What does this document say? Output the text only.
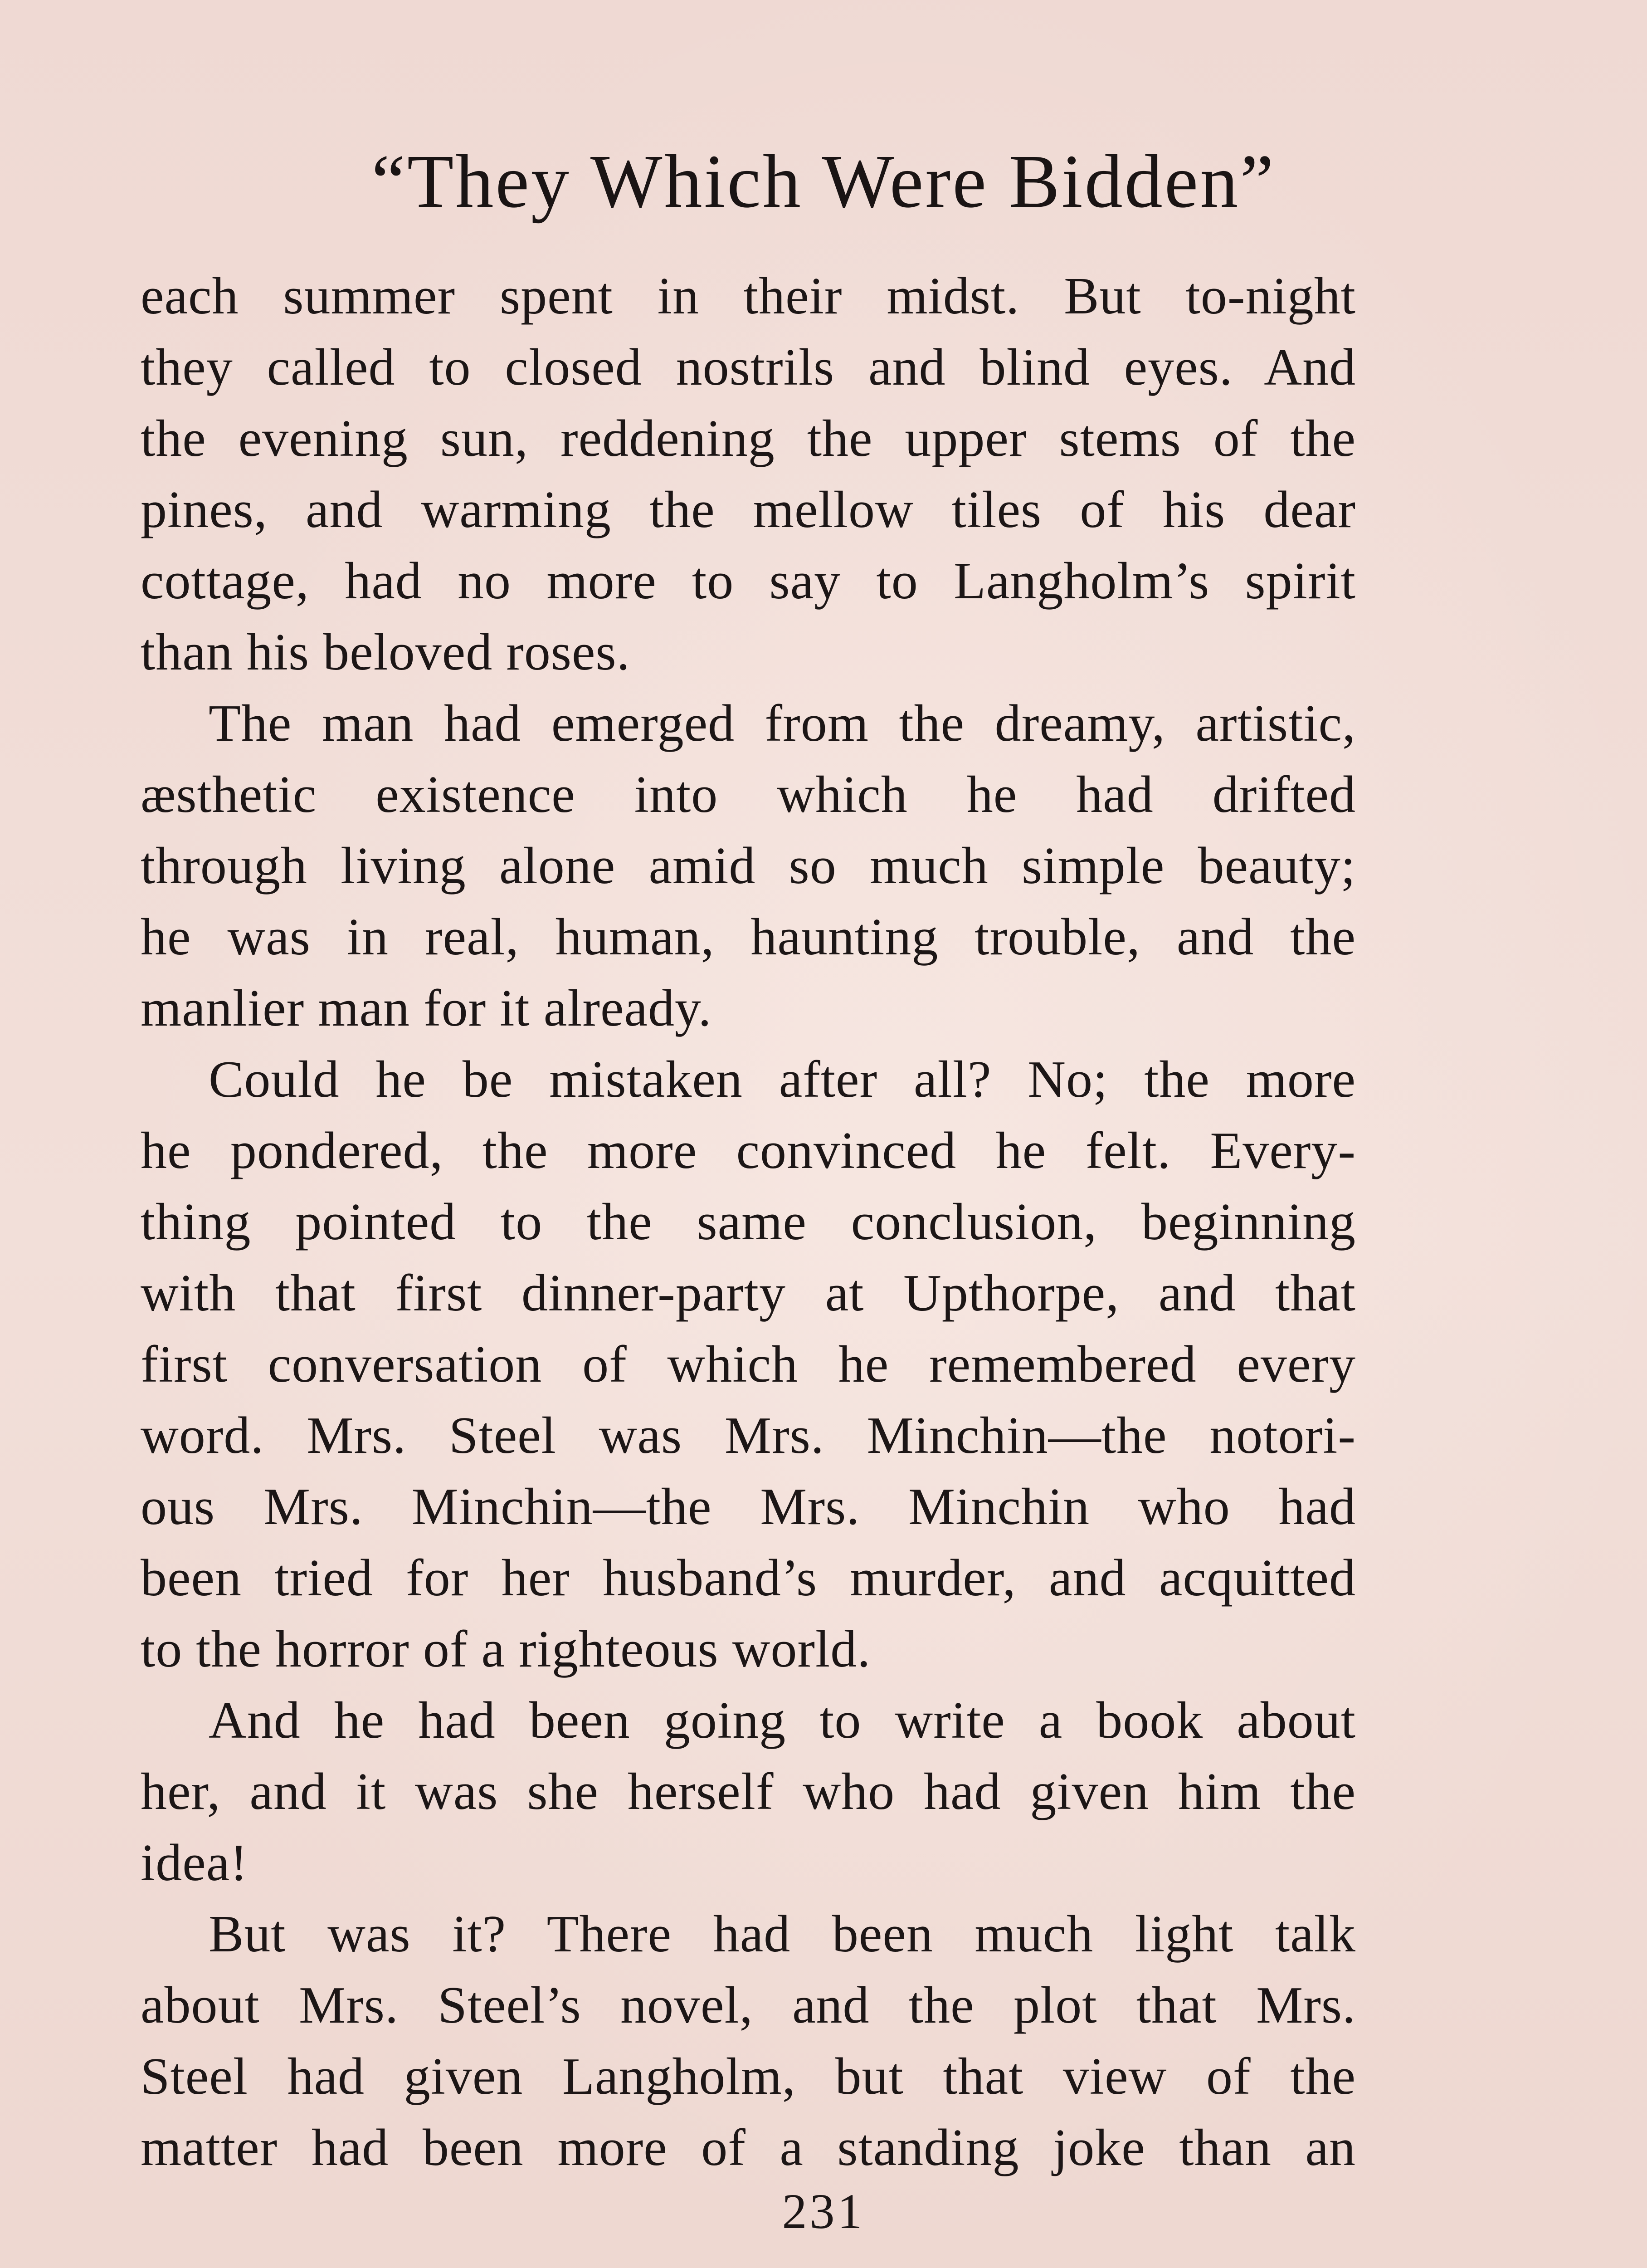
“They Which Were Bidden”

each summer spent in their midst. But to-night
they called to closed nostrils and blind eyes. And
the evening sun, reddening the upper stems of the
pines, and warming the mellow tiles of his dear
cottage, had no more to say to Langholm’s spirit
than his beloved roses.

The man had emerged from the dreamy, artistic,
æsthetic existence into which he had drifted
through living alone amid so much simple beauty;
he was in real, human, haunting trouble, and the
manlier man for it already.

Could he be mistaken after all? No; the more
he pondered, the more convinced he felt. Every-
thing pointed to the same conclusion, beginning
with that first dinner-party at Upthorpe, and that
first conversation of which he remembered every
word. Mrs. Steel was Mrs. Minchin—the notori-
ous Mrs. Minchin—the Mrs. Minchin who had
been tried for her husband’s murder, and acquitted
to the horror of a righteous world.

And he had been going to write a book about
her, and it was she herself who had given him the
idea!

But was it? There had been much light talk
about Mrs. Steel’s novel, and the plot that Mrs.
Steel had given Langholm, but that view of the
matter had been more of a standing joke than an

231
